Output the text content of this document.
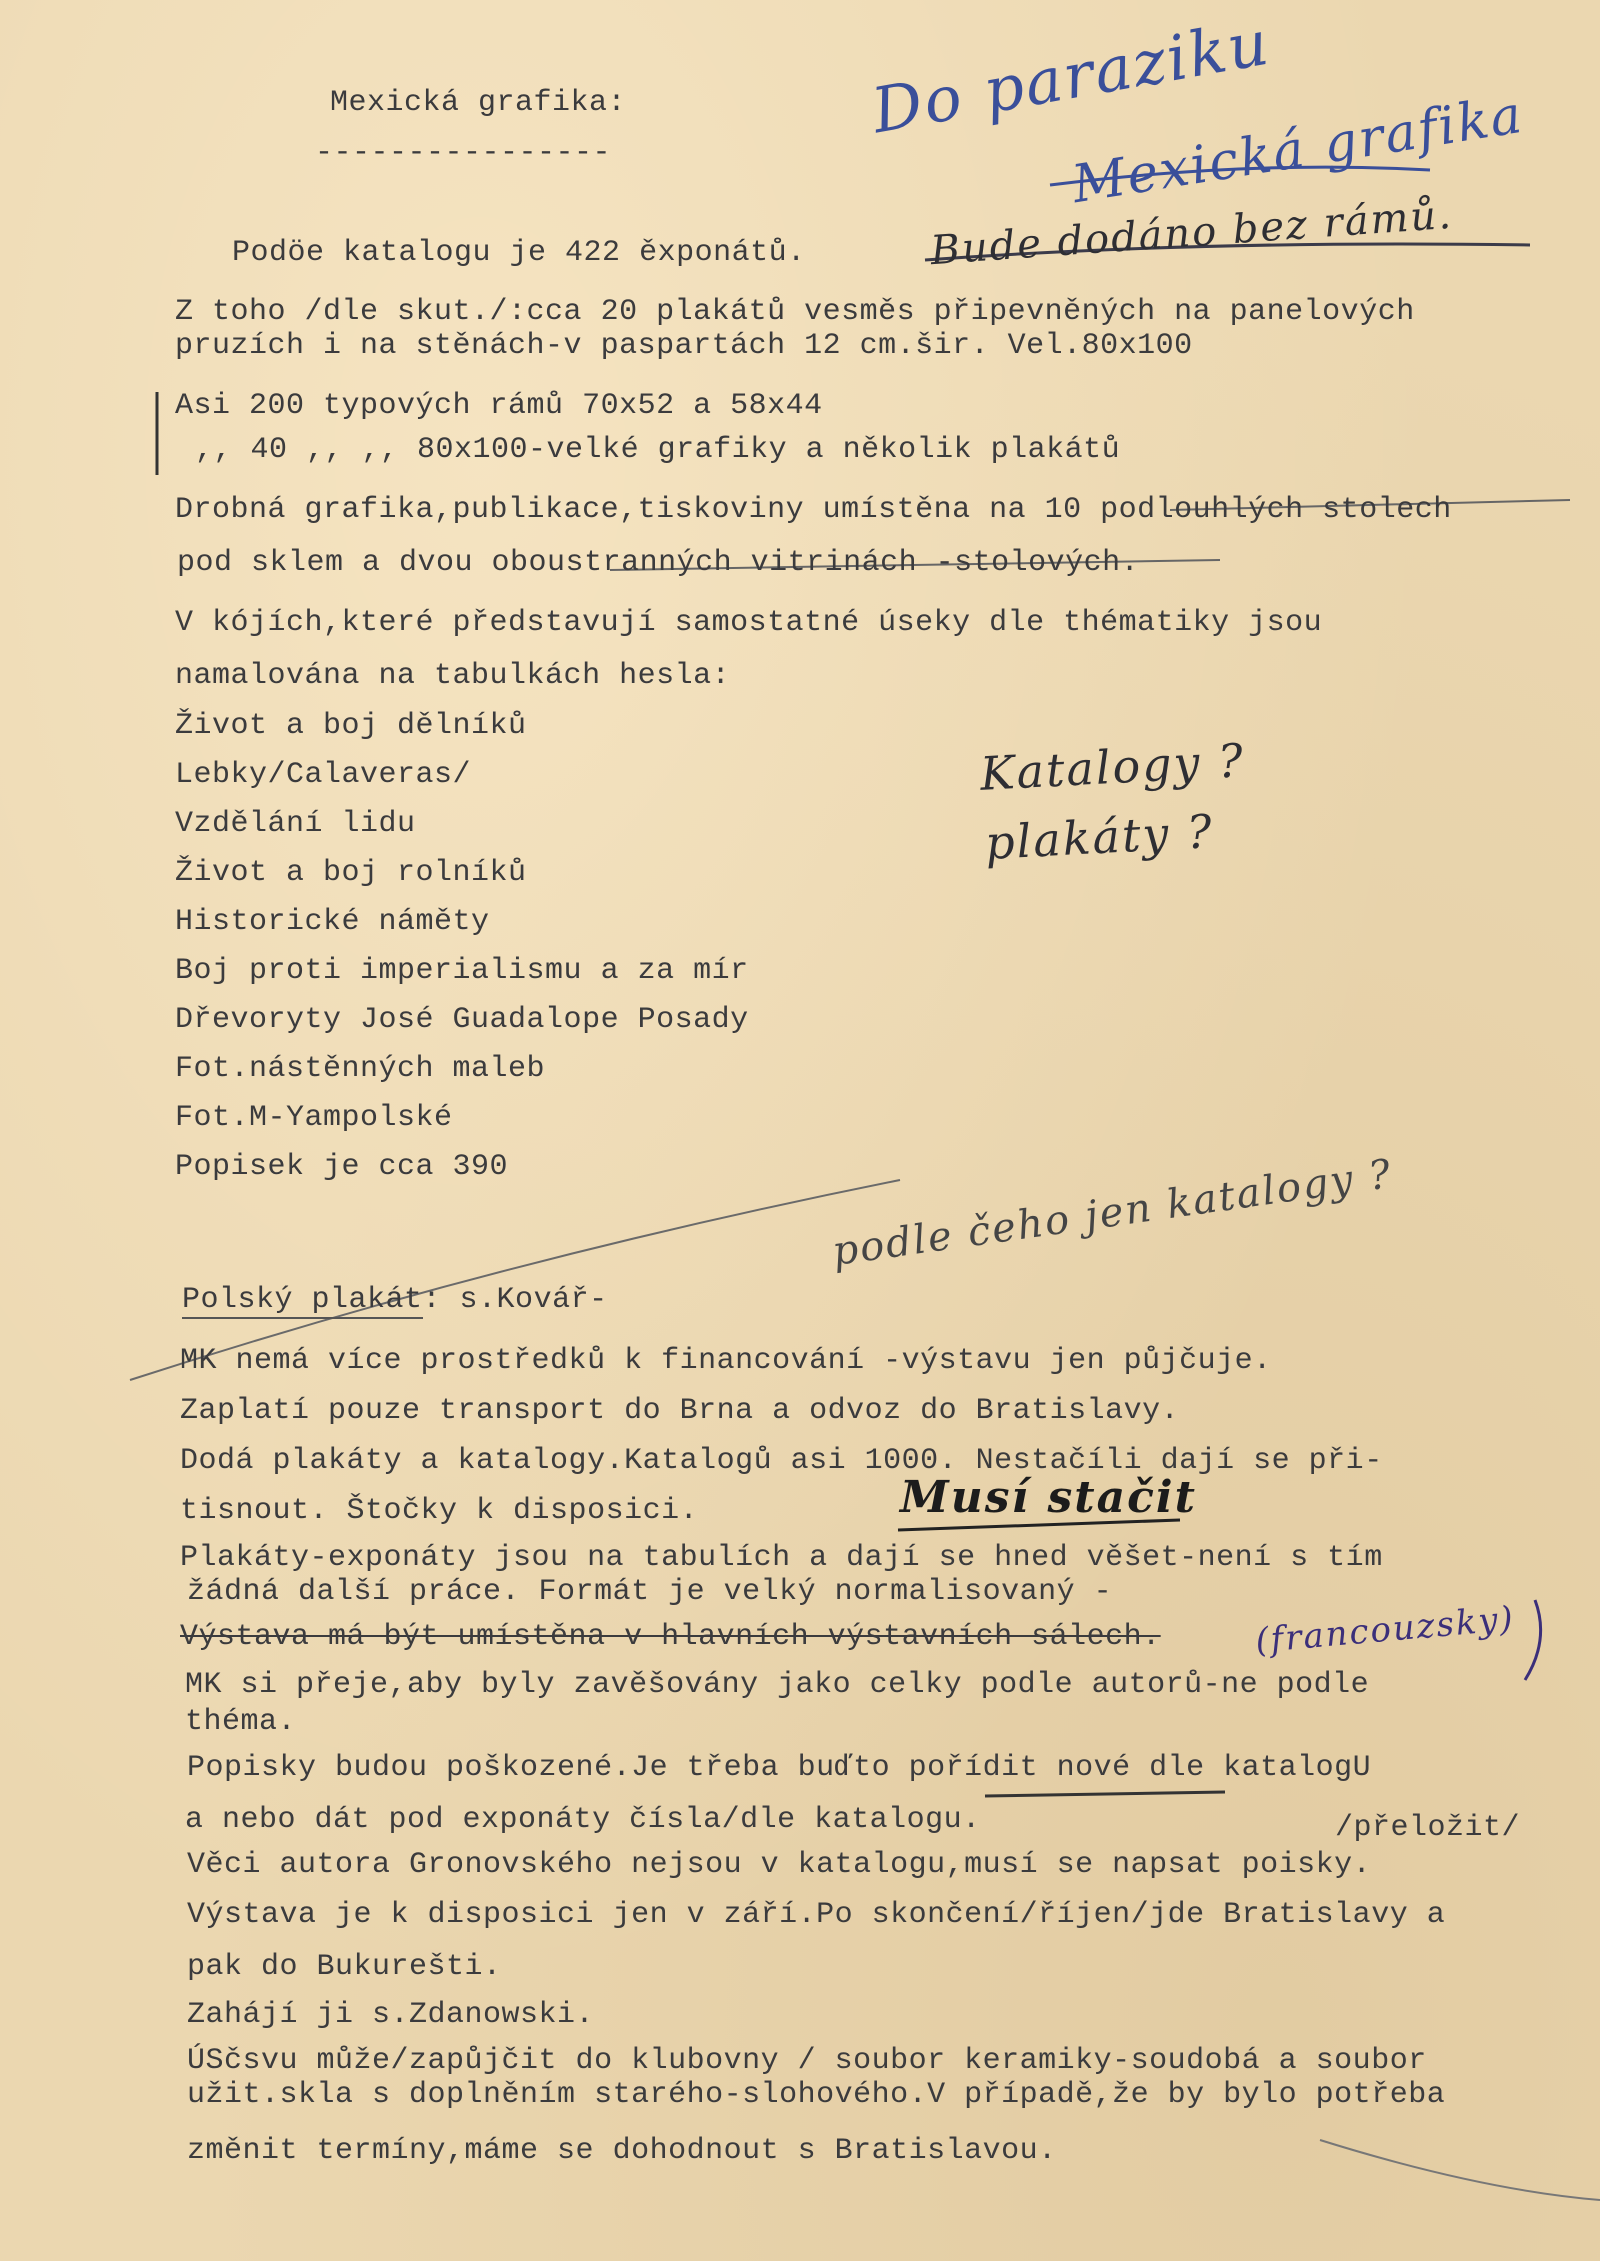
Mexická grafika:
----------------
Podöe katalogu je 422 ěxponátů.
Z toho /dle skut./:cca 20 plakátů vesměs připevněných na panelových
pruzích i na stěnách-v paspartách 12 cm.šir. Vel.80x100
Asi 200 typových rámů 70x52 a 58x44
,, 40 ,, ,, 80x100-velké grafiky a několik plakátů
Drobná grafika,publikace,tiskoviny umístěna na 10 podlouhlých stolech
pod sklem a dvou oboustranných vitrinách -stolových.
V kójích,které představují samostatné úseky dle thématiky jsou
namalována na tabulkách hesla:
Život a boj dělníků
Lebky/Calaveras/
Vzdělání lidu
Život a boj rolníků
Historické náměty
Boj proti imperialismu a za mír
Dřevoryty José Guadalope Posady
Fot.nástěnných maleb
Fot.M-Yampolské
Popisek je cca 390
Polský plakát: s.Kovář-
MK nemá více prostředků k financování -výstavu jen půjčuje.
Zaplatí pouze transport do Brna a odvoz do Bratislavy.
Dodá plakáty a katalogy.Katalogů asi 1000. Nestačíli dají se při-
tisnout. Štočky k disposici.
Plakáty-exponáty jsou na tabulích a dají se hned věšet-není s tím
žádná další práce. Formát je velký normalisovaný -
Výstava má být umístěna v hlavních výstavních sálech.
MK si přeje,aby byly zavěšovány jako celky podle autorů-ne podle
théma.
Popisky budou poškozené.Je třeba buďto pořídit nové dle katalogU
a nebo dát pod exponáty čísla/dle katalogu.	/přeložit/
Věci autora Gronovského nejsou v katalogu,musí se napsat poisky.
Výstava je k disposici jen v září.Po skončení/říjen/jde Bratislavy a
pak do Bukurešti.
Zahájí ji s.Zdanowski.
ÚSčsvu může/zapůjčit do klubovny / soubor keramiky-soudobá a soubor
užit.skla s doplněním starého-slohového.V případě,že by bylo potřeba
změnit termíny,máme se dohodnout s Bratislavou.
Do paraziku
Mexická grafika
Bude dodáno bez rámů.
Katalogy ?
plakáty ?
podle čeho jen katalogy ?
Musí stačit
(francouzsky)
